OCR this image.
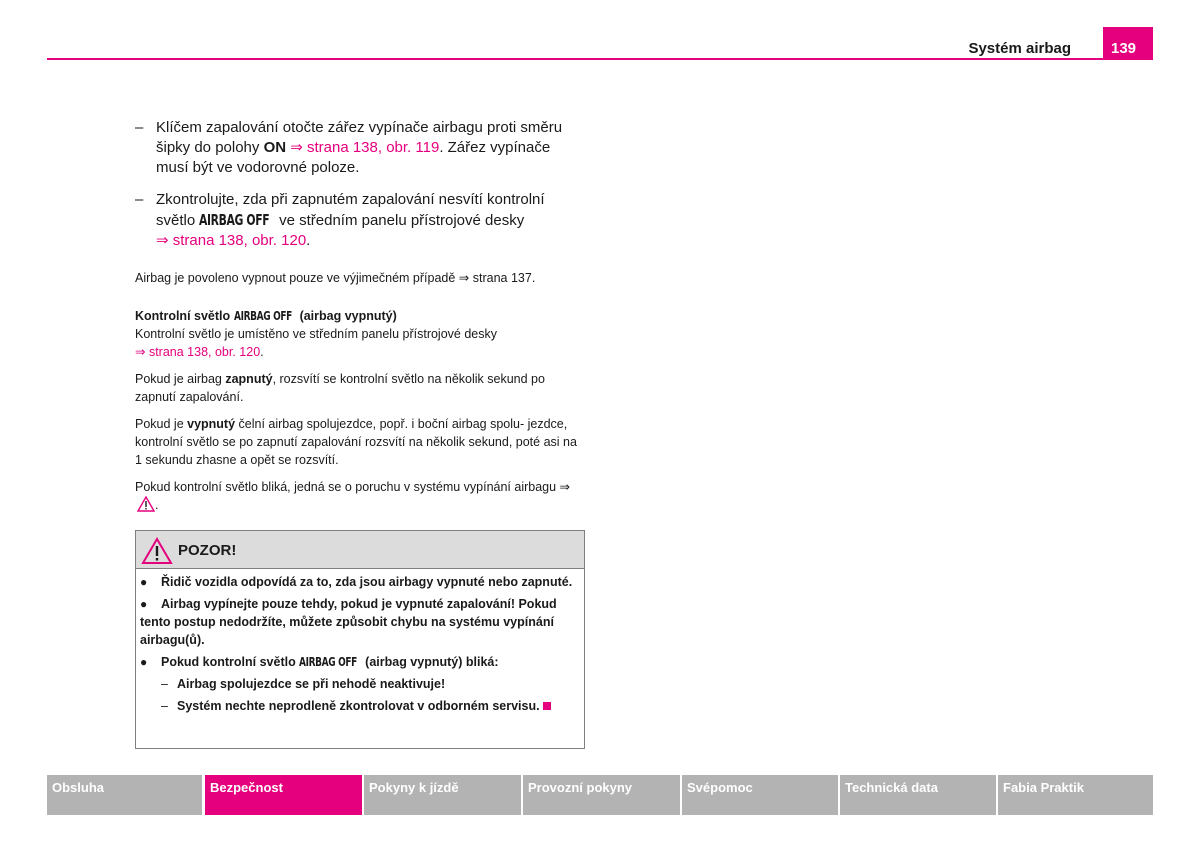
Systém airbag	139
– Klíčem zapalování otočte zářez vypínače airbagu proti směru šipky do polohy ON ⇒ strana 138, obr. 119. Zářez vypínače musí být ve vodorovné poloze.
– Zkontrolujte, zda při zapnutém zapalování nesvítí kontrolní světlo AIRBAG OFF ve středním panelu přístrojové desky
⇒ strana 138, obr. 120.

Airbag je povoleno vypnout pouze ve výjimečném případě ⇒ strana 137.

Kontrolní světlo AIRBAG OFF (airbag vypnutý)

Kontrolní světlo je umístěno ve středním panelu přístrojové desky
⇒ strana 138, obr. 120.

Pokud je airbag zapnutý, rozsvítí se kontrolní světlo na několik sekund po zapnutí zapalování.

Pokud je vypnutý čelní airbag spolujezdce, popř. i boční airbag spolu- jezdce, kontrolní světlo se po zapnutí zapalování rozsvítí na několik sekund, poté asi na 1 sekundu zhasne a opět se rozsvítí.

Pokud kontrolní světlo bliká, jedná se o poruchu v systému vypínání airbagu ⇒ .

POZOR!
● Řidič vozidla odpovídá za to, zda jsou airbagy vypnuté nebo zapnuté.
● Airbag vypínejte pouze tehdy, pokud je vypnuté zapalování! Pokud tento postup nedodržíte, můžete způsobit chybu na systému vypínání airbagu(ů).
● Pokud kontrolní světlo AIRBAG OFF (airbag vypnutý) bliká:
– Airbag spolujezdce se při nehodě neaktivuje!
– Systém nechte neprodleně zkontrolovat v odborném servisu.
Obsluha	Bezpečnost	Pokyny k jízdě	Provozní pokyny	Svépomoc	Technická data	Fabia Praktik
